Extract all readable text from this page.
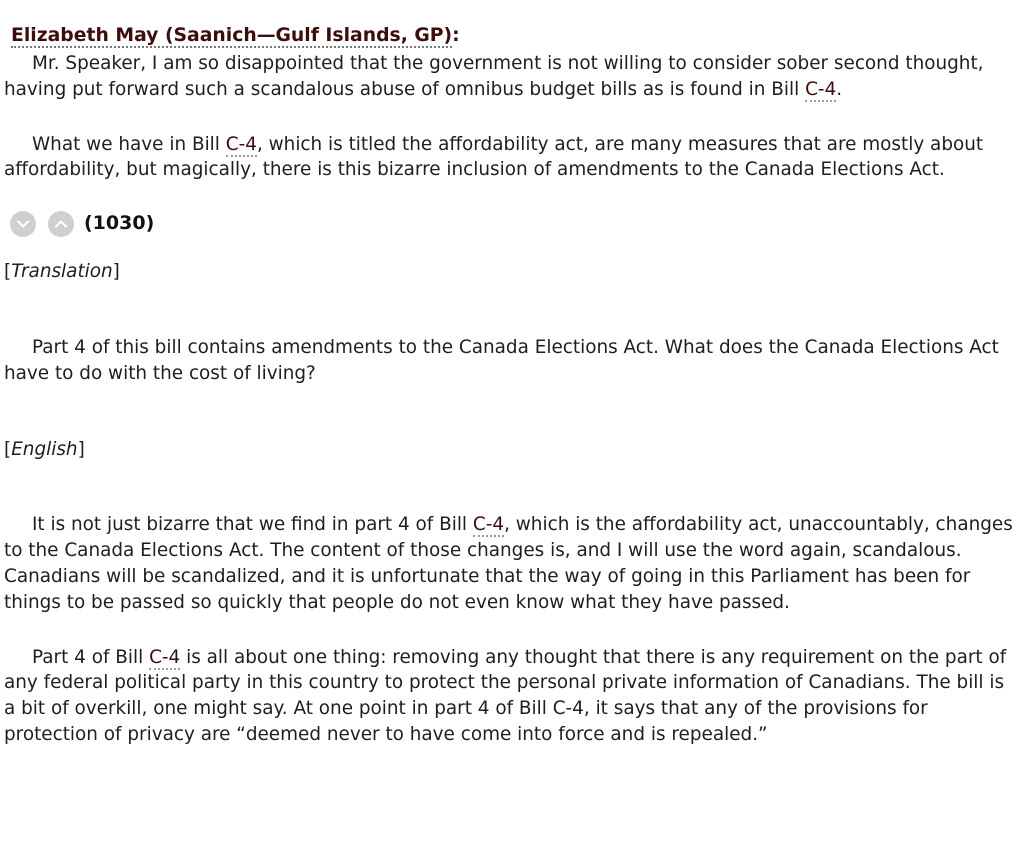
Elizabeth May (Saanich—Gulf Islands, GP):

Mr. Speaker, I am so disappointed that the government is not willing to consider sober second thought, having put forward such a scandalous abuse of omnibus budget bills as is found in Bill C-4.

What we have in Bill C-4, which is titled the affordability act, are many measures that are mostly about affordability, but magically, there is this bizarre inclusion of amendments to the Canada Elections Act.

(1030)

[Translation]

Part 4 of this bill contains amendments to the Canada Elections Act. What does the Canada Elections Act have to do with the cost of living?

[English]

It is not just bizarre that we find in part 4 of Bill C-4, which is the affordability act, unaccountably, changes to the Canada Elections Act. The content of those changes is, and I will use the word again, scandalous. Canadians will be scandalized, and it is unfortunate that the way of going in this Parliament has been for things to be passed so quickly that people do not even know what they have passed.

Part 4 of Bill C-4 is all about one thing: removing any thought that there is any requirement on the part of any federal political party in this country to protect the personal private information of Canadians. The bill is a bit of overkill, one might say. At one point in part 4 of Bill C-4, it says that any of the provisions for protection of privacy are “deemed never to have come into force and is repealed.”
